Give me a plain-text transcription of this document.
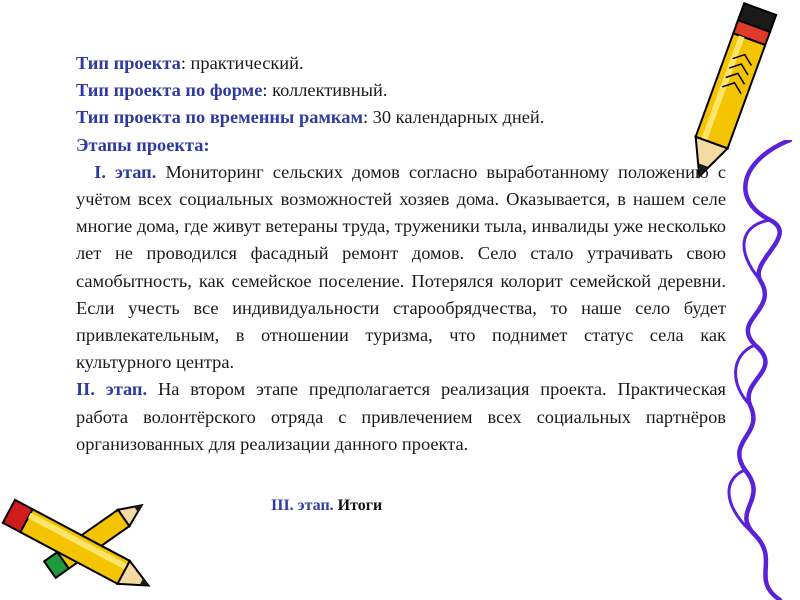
Тип проекта: практический.

Тип проекта по форме: коллективный.

Тип проекта по временны рамкам: 30 календарных дней.

Этапы проекта:

I. этап. Мониторинг сельских домов согласно выработанному положению с учётом всех социальных возможностей хозяев дома. Оказывается, в нашем селе многие дома, где живут ветераны труда, труженики тыла, инвалиды уже несколько лет не проводился фасадный ремонт домов. Село стало утрачивать свою самобытность, как семейское поселение. Потерялся колорит семейской деревни. Если учесть все индивидуальности старообрядчества, то наше село будет привлекательным, в отношении туризма, что поднимет статус села как культурного центра.

II. этап. На втором этапе предполагается реализация проекта. Практическая работа волонтёрского отряда с привлечением всех социальных партнёров организованных для реализации данного проекта.

III. этап. Итоги
